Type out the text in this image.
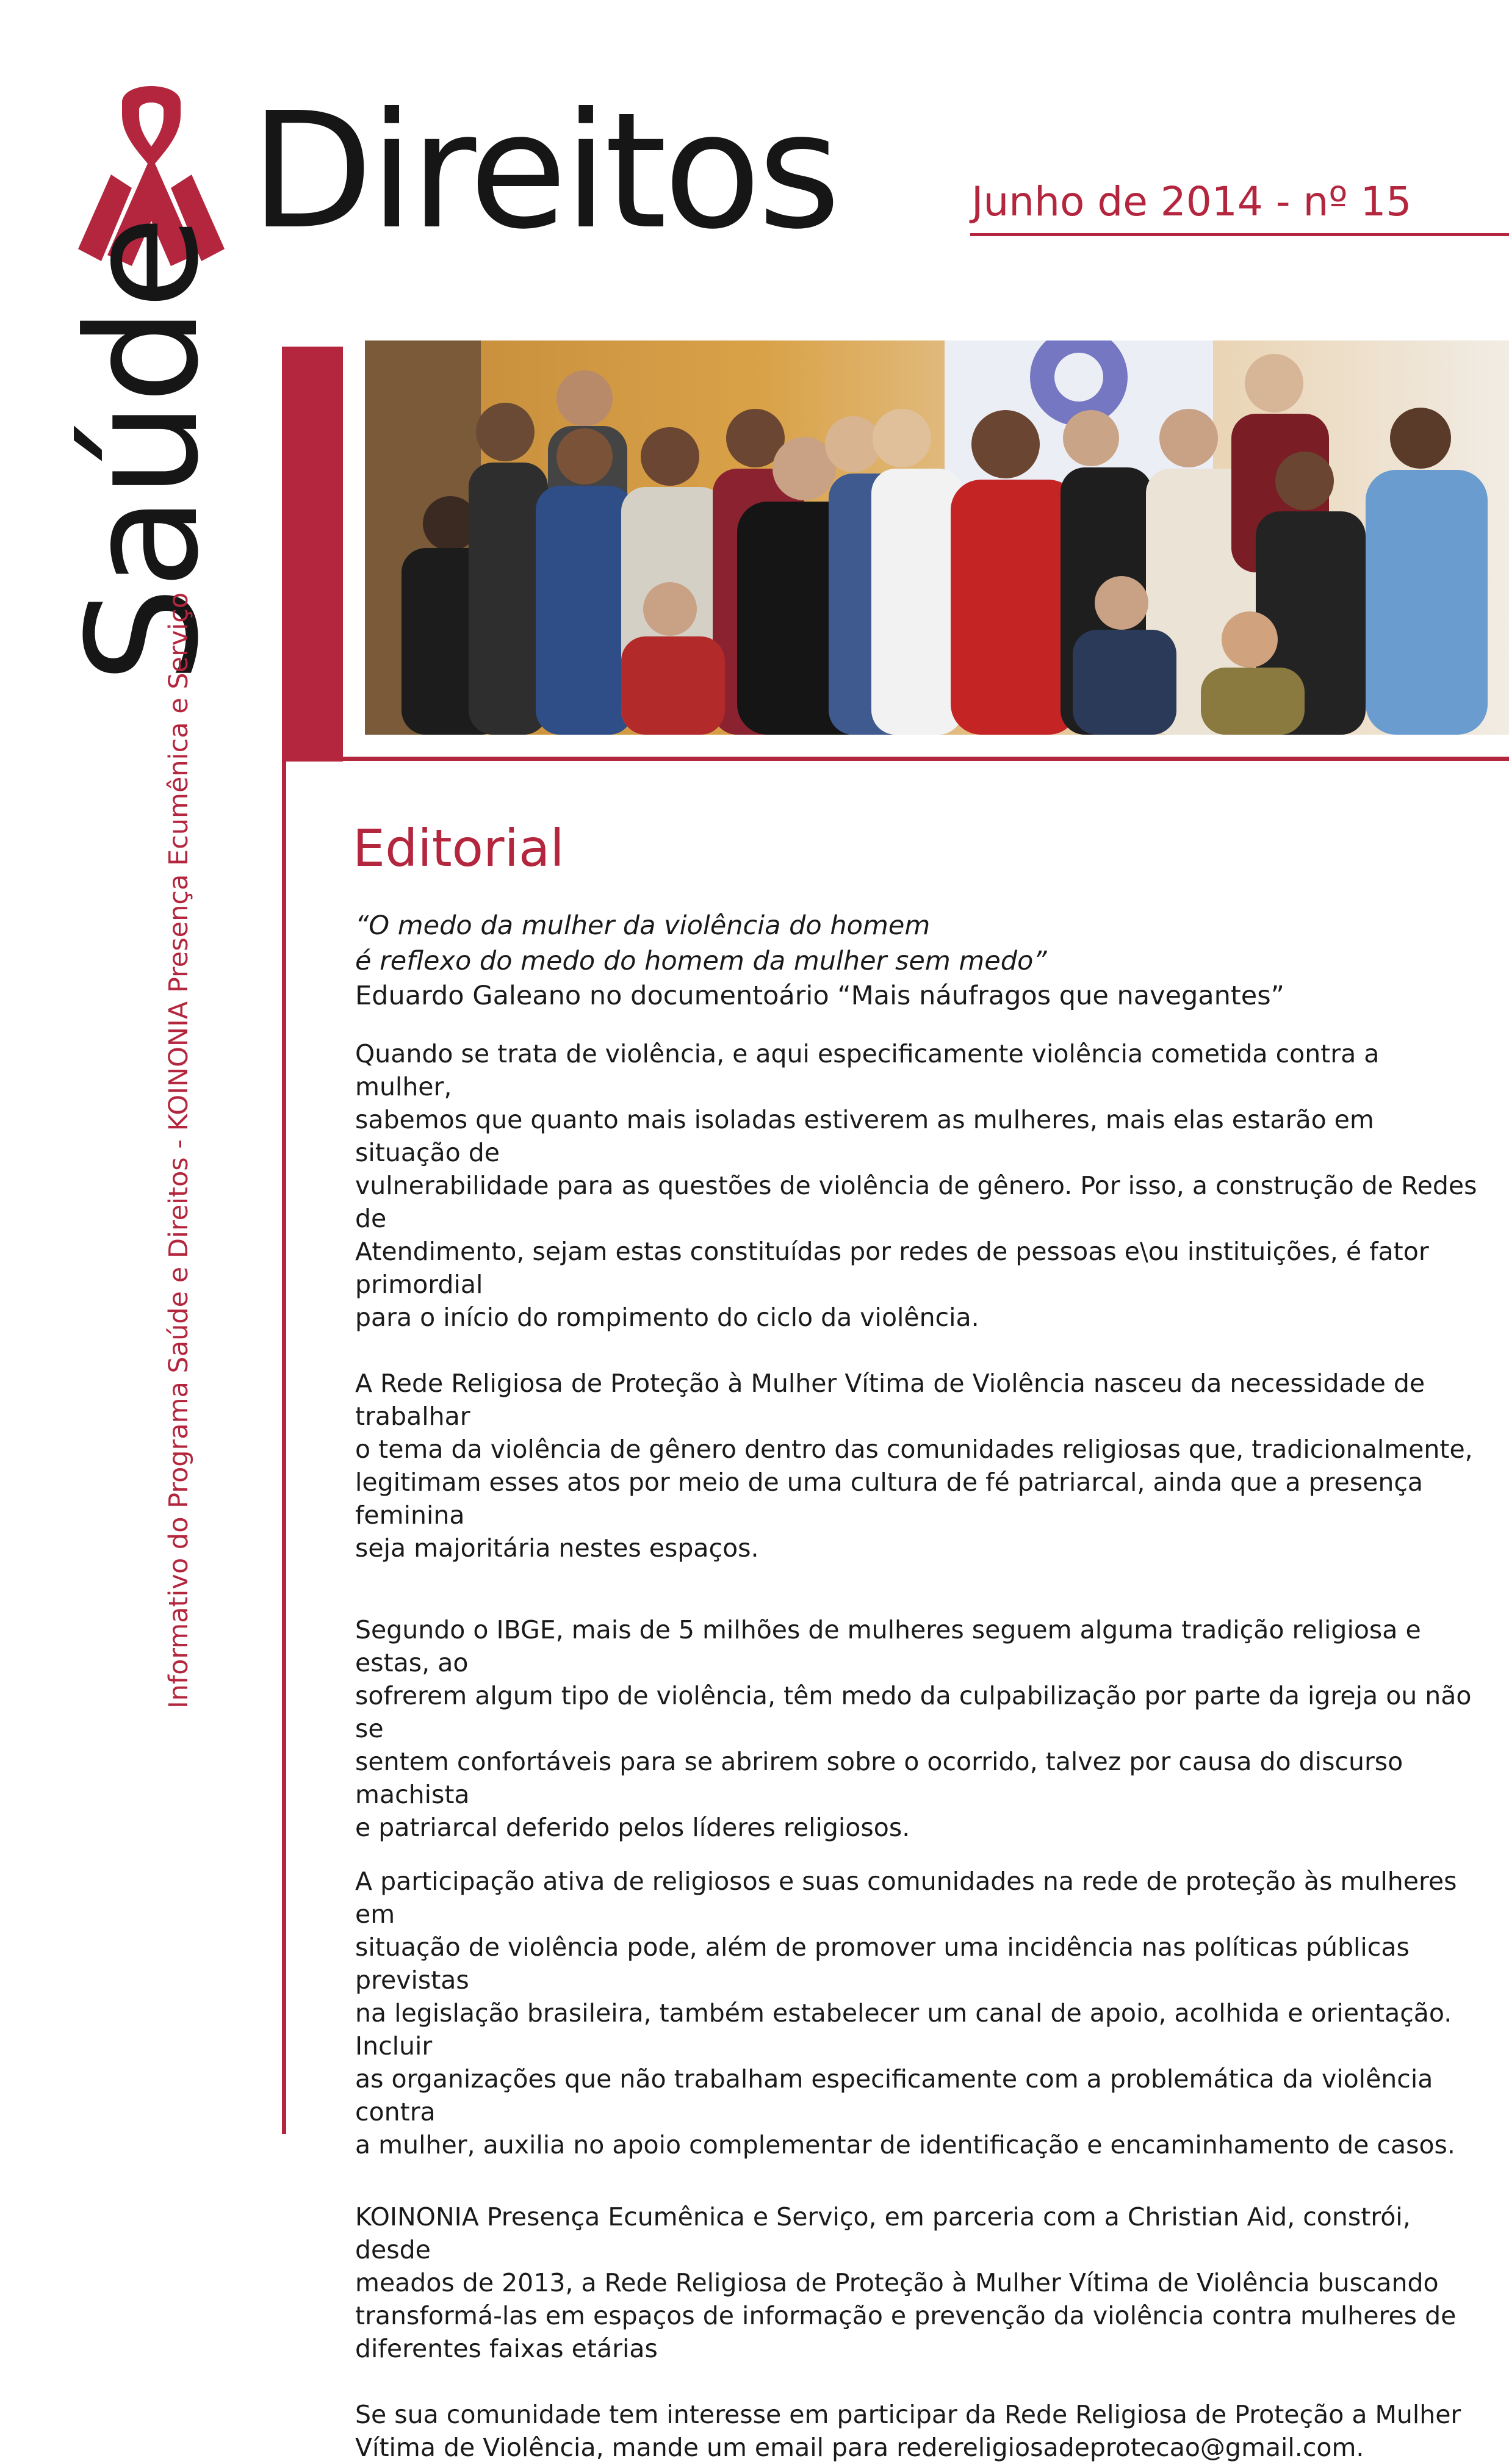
Direitos	Junho de 2014 - nº 15
Saúde
Informativo do Programa Saúde e Direitos - KOINONIA Presença Ecumênica e Serviço	Editorial
“O medo da mulher da violência do homem
é reflexo do medo do homem da mulher sem medo”
Eduardo Galeano no documentoário “Mais náufragos que navegantes”

Quando se trata de violência, e aqui especificamente violência cometida contra a mulher,
sabemos que quanto mais isoladas estiverem as mulheres, mais elas estarão em situação de
vulnerabilidade para as questões de violência de gênero. Por isso, a construção de Redes de
Atendimento, sejam estas constituídas por redes de pessoas e\ou instituições, é fator primordial
para o início do rompimento do ciclo da violência.

A Rede Religiosa de Proteção à Mulher Vítima de Violência nasceu da necessidade de trabalhar
o tema da violência de gênero dentro das comunidades religiosas que, tradicionalmente,
legitimam esses atos por meio de uma cultura de fé patriarcal, ainda que a presença feminina
seja majoritária nestes espaços.

Segundo o IBGE, mais de 5 milhões de mulheres seguem alguma tradição religiosa e estas, ao
sofrerem algum tipo de violência, têm medo da culpabilização por parte da igreja ou não se
sentem confortáveis para se abrirem sobre o ocorrido, talvez por causa do discurso machista
e patriarcal deferido pelos líderes religiosos.

A participação ativa de religiosos e suas comunidades na rede de proteção às mulheres em
situação de violência pode, além de promover uma incidência nas políticas públicas previstas
na legislação brasileira, também estabelecer um canal de apoio, acolhida e orientação. Incluir
as organizações que não trabalham especificamente com a problemática da violência contra
a mulher, auxilia no apoio complementar de identificação e encaminhamento de casos.

KOINONIA Presença Ecumênica e Serviço, em parceria com a Christian Aid, constrói, desde
meados de 2013, a Rede Religiosa de Proteção à Mulher Vítima de Violência buscando
transformá-las em espaços de informação e prevenção da violência contra mulheres de
diferentes faixas etárias

Se sua comunidade tem interesse em participar da Rede Religiosa de Proteção a Mulher
Vítima de Violência, mande um email para redereligiosadeprotecao@gmail.com.
